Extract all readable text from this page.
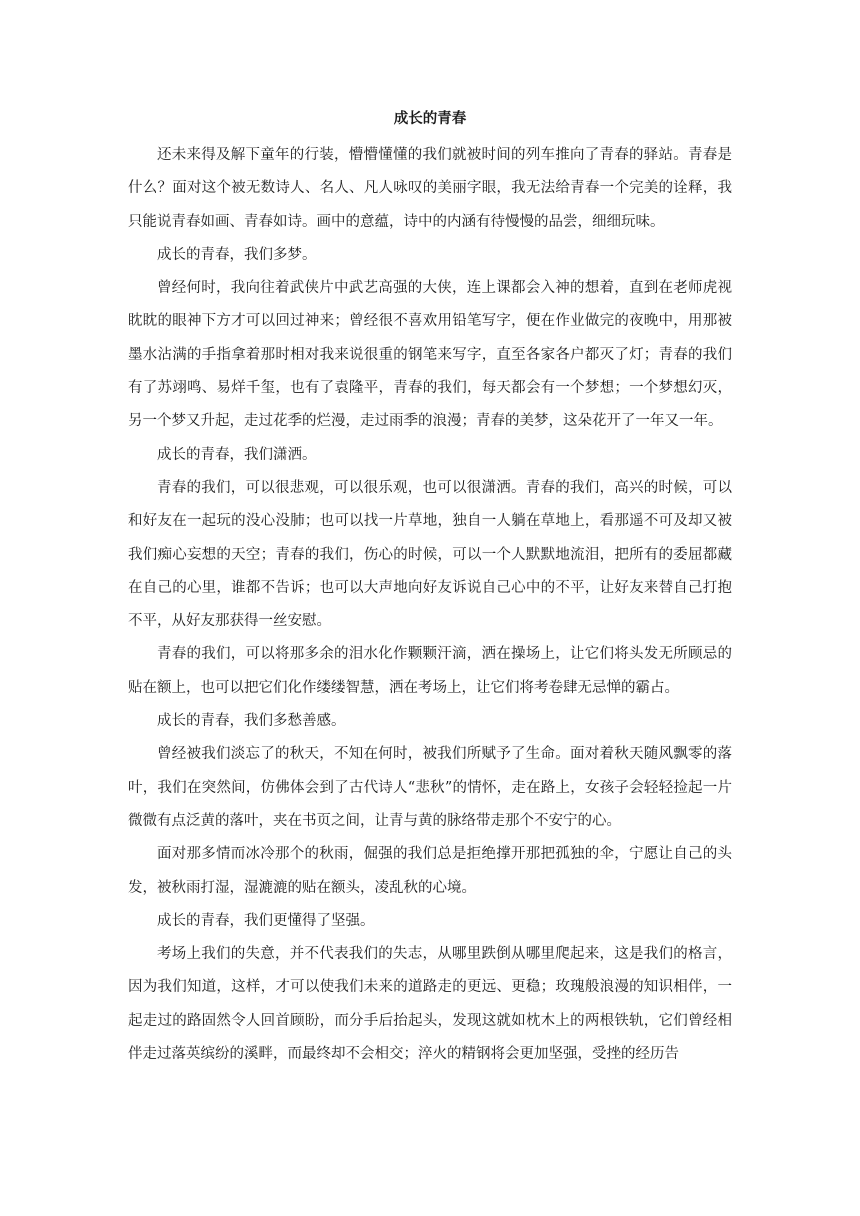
成长的青春

还未来得及解下童年的行装，懵懵懂懂的我们就被时间的列车推向了青春的驿站。青春是什么？面对这个被无数诗人、名人、凡人咏叹的美丽字眼，我无法给青春一个完美的诠释，我只能说青春如画、青春如诗。画中的意蕴，诗中的内涵有待慢慢的品尝，细细玩味。

成长的青春，我们多梦。

曾经何时，我向往着武侠片中武艺高强的大侠，连上课都会入神的想着，直到在老师虎视眈眈的眼神下方才可以回过神来；曾经很不喜欢用铅笔写字，便在作业做完的夜晚中，用那被墨水沾满的手指拿着那时相对我来说很重的钢笔来写字，直至各家各户都灭了灯；青春的我们有了苏翊鸣、易烊千玺，也有了袁隆平，青春的我们，每天都会有一个梦想；一个梦想幻灭，另一个梦又升起，走过花季的烂漫，走过雨季的浪漫；青春的美梦，这朵花开了一年又一年。

成长的青春，我们潇洒。

青春的我们，可以很悲观，可以很乐观，也可以很潇洒。青春的我们，高兴的时候，可以和好友在一起玩的没心没肺；也可以找一片草地，独自一人躺在草地上，看那遥不可及却又被我们痴心妄想的天空；青春的我们，伤心的时候，可以一个人默默地流泪，把所有的委屈都藏在自己的心里，谁都不告诉；也可以大声地向好友诉说自己心中的不平，让好友来替自己打抱不平，从好友那获得一丝安慰。

青春的我们，可以将那多余的泪水化作颗颗汗滴，洒在操场上，让它们将头发无所顾忌的贴在额上，也可以把它们化作缕缕智慧，洒在考场上，让它们将考卷肆无忌惮的霸占。

成长的青春，我们多愁善感。

曾经被我们淡忘了的秋天，不知在何时，被我们所赋予了生命。面对着秋天随风飘零的落叶，我们在突然间，仿佛体会到了古代诗人“悲秋”的情怀，走在路上，女孩子会轻轻捡起一片微微有点泛黄的落叶，夹在书页之间，让青与黄的脉络带走那个不安宁的心。

面对那多情而冰冷那个的秋雨，倔强的我们总是拒绝撑开那把孤独的伞，宁愿让自己的头发，被秋雨打湿，湿漉漉的贴在额头，凌乱秋的心境。

成长的青春，我们更懂得了坚强。

考场上我们的失意，并不代表我们的失志，从哪里跌倒从哪里爬起来，这是我们的格言，因为我们知道，这样，才可以使我们未来的道路走的更远、更稳；玫瑰般浪漫的知识相伴，一起走过的路固然令人回首顾盼，而分手后抬起头，发现这就如枕木上的两根铁轨，它们曾经相伴走过落英缤纷的溪畔，而最终却不会相交；淬火的精钢将会更加坚强，受挫的经历告
